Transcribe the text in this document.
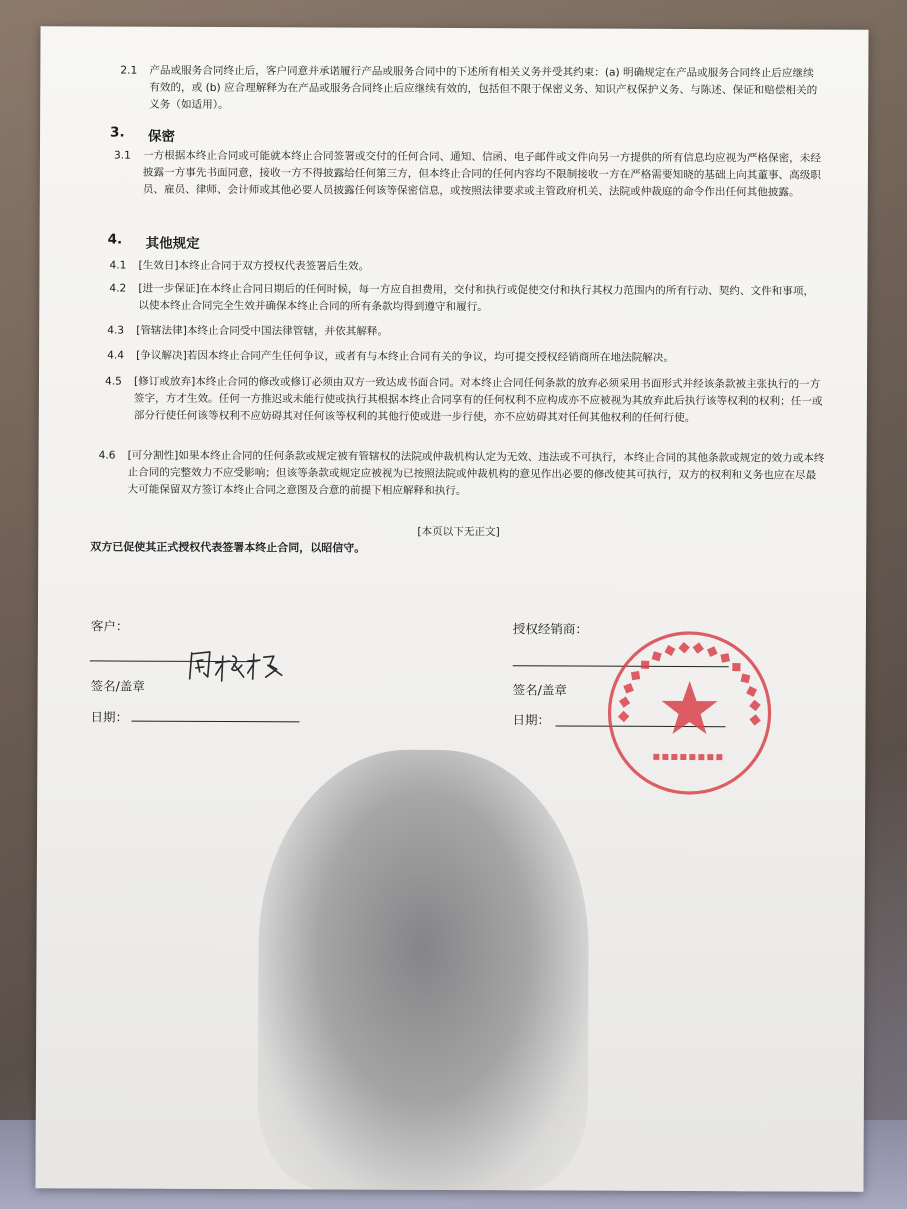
2.1 产品或服务合同终止后，客户同意并承诺履行产品或服务合同中的下述所有相关义务并受其约束：(a) 明确规定在产品或服务合同终止后应继续有效的，或 (b) 应合理解释为在产品或服务合同终止后应继续有效的，包括但不限于保密义务、知识产权保护义务、与陈述、保证和赔偿相关的义务（如适用）。
3. 保密
3.1 一方根据本终止合同或可能就本终止合同签署或交付的任何合同、通知、信函、电子邮件或文件向另一方提供的所有信息均应视为严格保密，未经披露一方事先书面同意，接收一方不得披露给任何第三方，但本终止合同的任何内容均不限制接收一方在严格需要知晓的基础上向其董事、高级职员、雇员、律师、会计师或其他必要人员披露任何该等保密信息，或按照法律要求或主管政府机关、法院或仲裁庭的命令作出任何其他披露。
4. 其他规定
4.1 [生效日]本终止合同于双方授权代表签署后生效。
4.2 [进一步保证]在本终止合同日期后的任何时候，每一方应自担费用，交付和执行或促使交付和执行其权力范围内的所有行动、契约、文件和事项，以使本终止合同完全生效并确保本终止合同的所有条款均得到遵守和履行。
4.3 [管辖法律]本终止合同受中国法律管辖，并依其解释。
4.4 [争议解决]若因本终止合同产生任何争议，或者有与本终止合同有关的争议，均可提交授权经销商所在地法院解决。
4.5 [修订或放弃]本终止合同的修改或修订必须由双方一致达成书面合同。对本终止合同任何条款的放弃必须采用书面形式并经该条款被主张执行的一方签字，方才生效。任何一方推迟或未能行使或执行其根据本终止合同享有的任何权利不应构成亦不应被视为其放弃此后执行该等权利的权利；任一或部分行使任何该等权利不应妨碍其对任何该等权利的其他行使或进一步行使，亦不应妨碍其对任何其他权利的任何行使。
4.6 [可分割性]如果本终止合同的任何条款或规定被有管辖权的法院或仲裁机构认定为无效、违法或不可执行，本终止合同的其他条款或规定的效力或本终止合同的完整效力不应受影响；但该等条款或规定应被视为已按照法院或仲裁机构的意见作出必要的修改使其可执行，双方的权利和义务也应在尽最大可能保留双方签订本终止合同之意图及合意的前提下相应解释和执行。
[本页以下无正文]
双方已促使其正式授权代表签署本终止合同，以昭信守。
客户：
签名/盖章
日期：
授权经销商：
签名/盖章
日期：	◆◆◆◆◆◆◆◆◆◆◆◆◆◆◆◆
